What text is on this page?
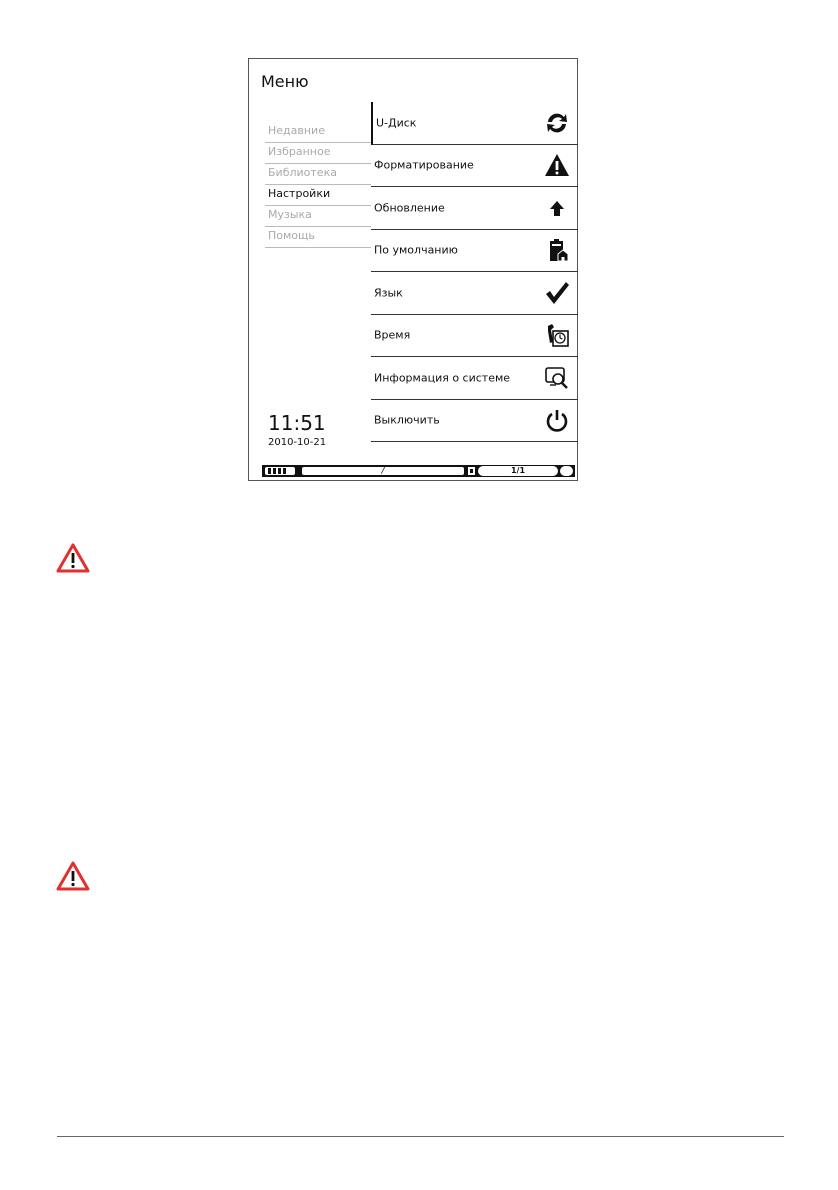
Меню
Недавние
Избранное
Библиотека
Настройки
Музыка
Помощь
11:51
2010-10-21
U-Диск
Форматирование
Обновление
По умолчанию
Язык
Время
Информация о системе
Выключить
/	1/1
